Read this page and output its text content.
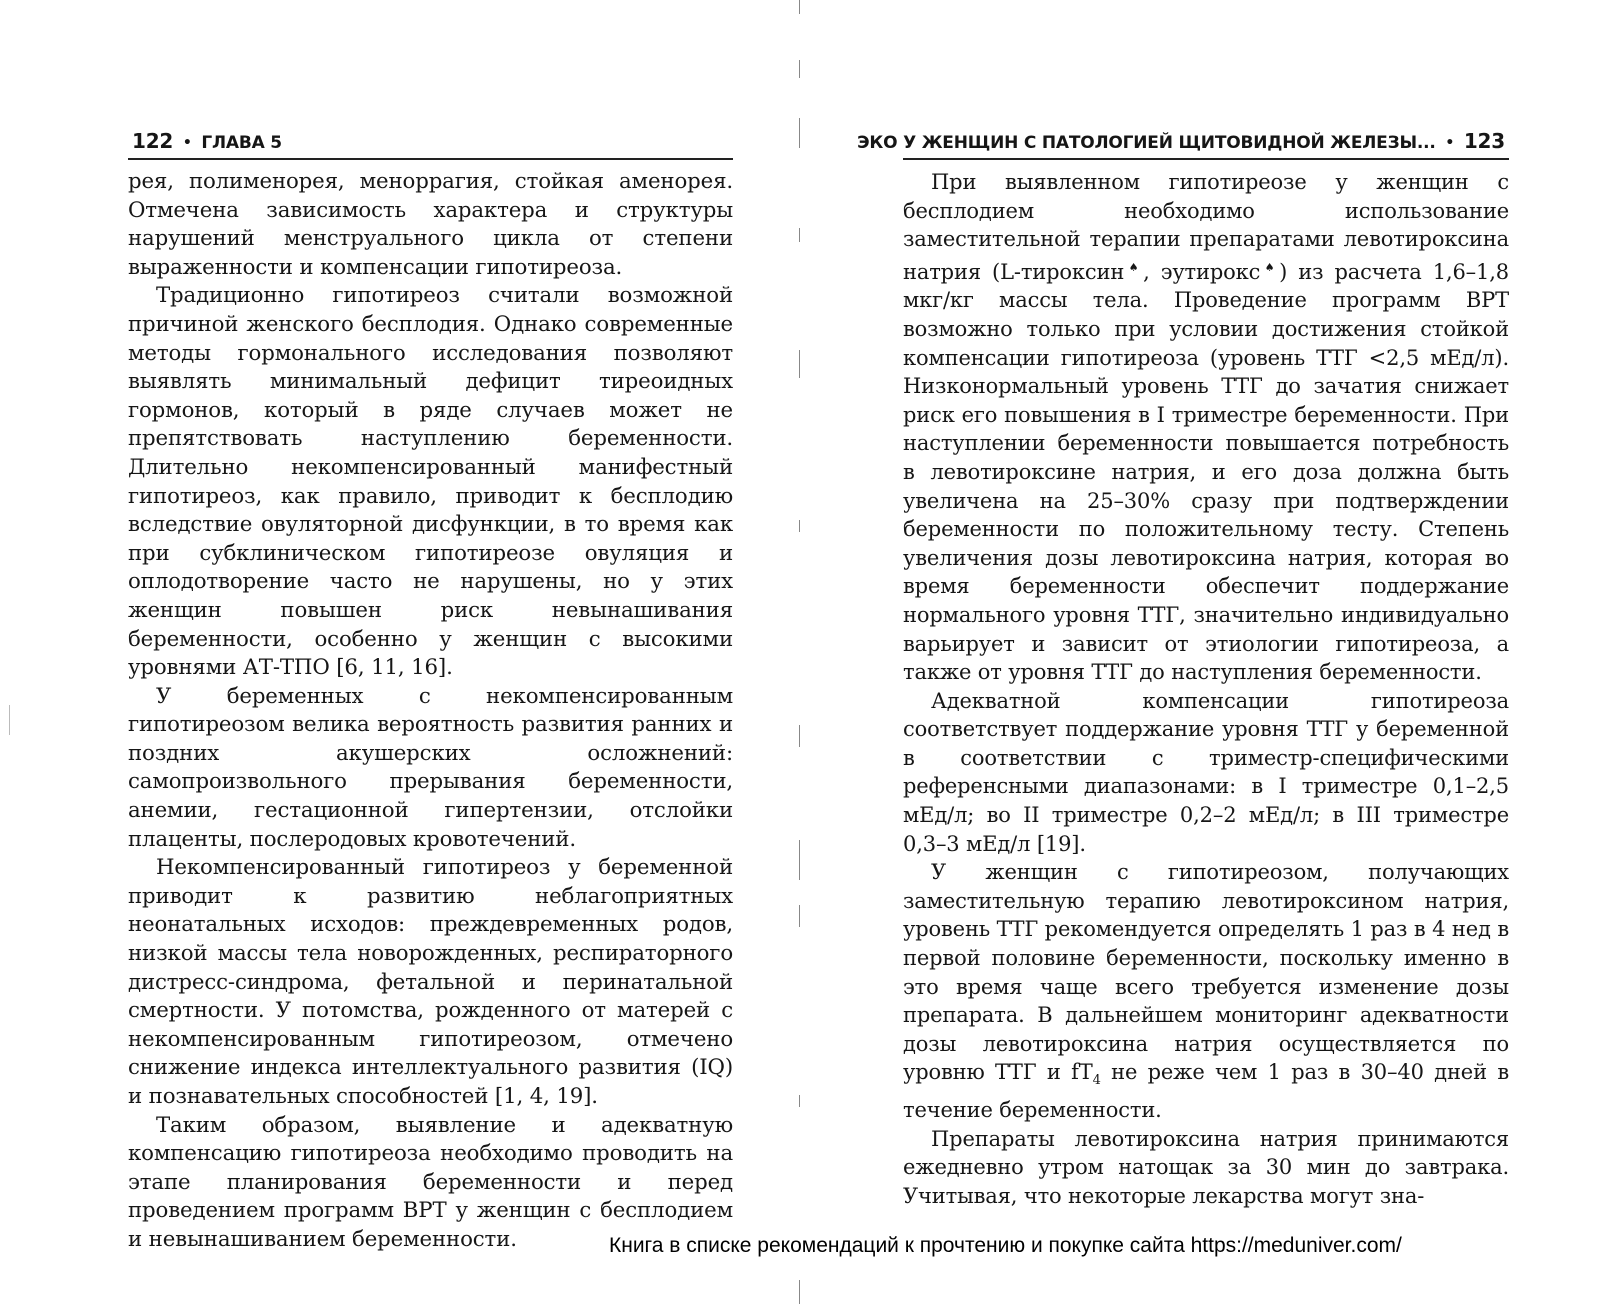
122 • ГЛАВА 5

рея, полименорея, меноррагия, стойкая аменорея. Отмечена зависимость характера и структуры нарушений менструального цикла от степени выраженности и компенсации гипотиреоза.

Традиционно гипотиреоз считали возможной причиной женского бесплодия. Однако современные методы гормонального исследования позволяют выявлять минимальный дефицит тиреоидных гормонов, который в ряде случаев может не препятствовать наступлению беременности. Длительно некомпенсированный манифестный гипотиреоз, как правило, приводит к бесплодию вследствие овуляторной дисфункции, в то время как при субклиническом гипотиреозе овуляция и оплодотворение часто не нарушены, но у этих женщин повышен риск невынашивания беременности, особенно у женщин с высокими уровнями АТ-ТПО [6, 11, 16].

У беременных с некомпенсированным гипотиреозом велика вероятность развития ранних и поздних акушерских осложнений: самопроизвольного прерывания беременности, анемии, гестационной гипертензии, отслойки плаценты, послеродовых кровотечений.

Некомпенсированный гипотиреоз у беременной приводит к развитию неблагоприятных неонатальных исходов: преждевременных родов, низкой массы тела новорожденных, респираторного дистресс-синдрома, фетальной и перинатальной смертности. У потомства, рожденного от матерей с некомпенсированным гипотиреозом, отмечено снижение индекса интеллектуального развития (IQ) и познавательных способностей [1, 4, 19].

Таким образом, выявление и адекватную компенсацию гипотиреоза необходимо проводить на этапе планирования беременности и перед проведением программ ВРТ у женщин с бесплодием и невынашиванием беременности.

ЭКО У ЖЕНЩИН С ПАТОЛОГИЕЙ ЩИТОВИДНОЙ ЖЕЛЕЗЫ... • 123

При выявленном гипотиреозе у женщин с бесплодием необходимо использование заместительной терапии препаратами левотироксина натрия (L-тироксин♠, эутирокс♠) из расчета 1,6–1,8 мкг/кг массы тела. Проведение программ ВРТ возможно только при условии достижения стойкой компенсации гипотиреоза (уровень ТТГ <2,5 мЕд/л). Низконормальный уровень ТТГ до зачатия снижает риск его повышения в I триместре беременности. При наступлении беременности повышается потребность в левотироксине натрия, и его доза должна быть увеличена на 25–30% сразу при подтверждении беременности по положительному тесту. Степень увеличения дозы левотироксина натрия, которая во время беременности обеспечит поддержание нормального уровня ТТГ, значительно индивидуально варьирует и зависит от этиологии гипотиреоза, а также от уровня ТТГ до наступления беременности.

Адекватной компенсации гипотиреоза соответствует поддержание уровня ТТГ у беременной в соответствии с триместр-специфическими референсными диапазонами: в I триместре 0,1–2,5 мЕд/л; во II триместре 0,2–2 мЕд/л; в III триместре 0,3–3 мЕд/л [19].

У женщин с гипотиреозом, получающих заместительную терапию левотироксином натрия, уровень ТТГ рекомендуется определять 1 раз в 4 нед в первой половине беременности, поскольку именно в это время чаще всего требуется изменение дозы препарата. В дальнейшем мониторинг адекватности дозы левотироксина натрия осуществляется по уровню ТТГ и $fT_4$ не реже чем 1 раз в 30–40 дней в течение беременности.

Препараты левотироксина натрия принимаются ежедневно утром натощак за 30 мин до завтрака. Учитывая, что некоторые лекарства могут зна-

Книга в списке рекомендаций к прочтению и покупке сайта https://meduniver.com/
